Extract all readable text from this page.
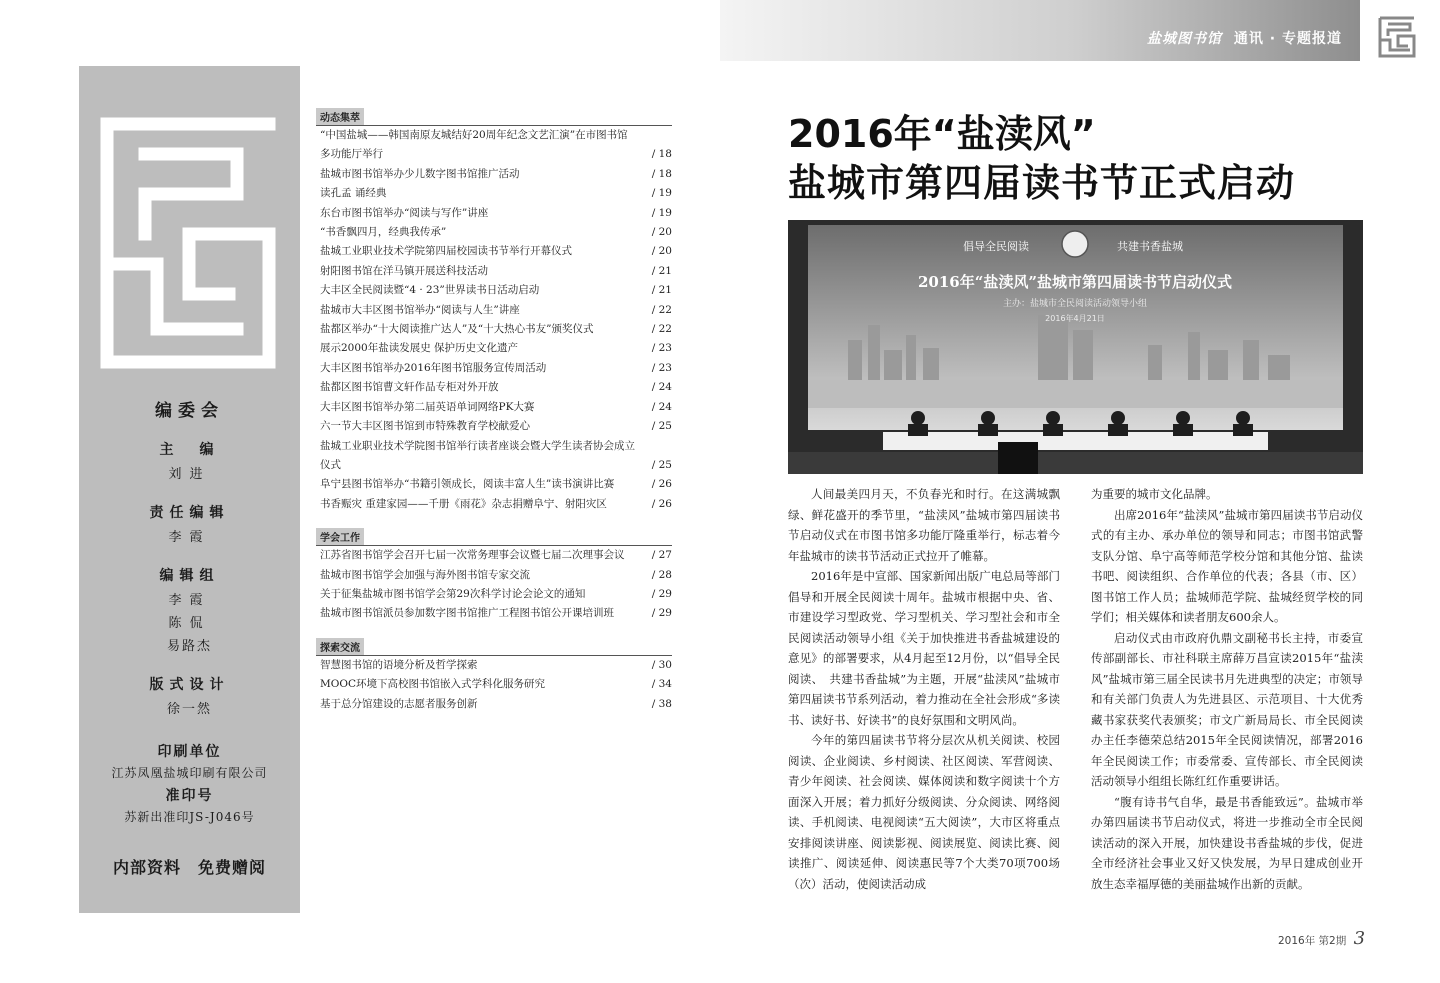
编委会
主　编
刘进
责任编辑
李霞
编辑组
李霞
陈侃
易路杰
版式设计
徐一然
印刷单位
江苏凤凰盐城印刷有限公司
准印号
苏新出准印JS-J046号
内部资料　免费赠阅
动态集萃
“中国盐城——韩国南原友城结好20周年纪念文艺汇演”在市图书馆
多功能厅举行	/ 18
盐城市图书馆举办少儿数字图书馆推广活动	/ 18
读孔孟 诵经典	/ 19
东台市图书馆举办“阅读与写作”讲座	/ 19
“书香飘四月，经典我传承”	/ 20
盐城工业职业技术学院第四届校园读书节举行开幕仪式	/ 20
射阳图书馆在洋马镇开展送科技活动	/ 21
大丰区全民阅读暨“4 · 23”世界读书日活动启动	/ 21
盐城市大丰区图书馆举办“阅读与人生”讲座	/ 22
盐都区举办“十大阅读推广达人”及“十大热心书友”颁奖仪式	/ 22
展示2000年盐读发展史 保护历史文化遗产	/ 23
大丰区图书馆举办2016年图书馆服务宣传周活动	/ 23
盐都区图书馆曹文轩作品专柜对外开放	/ 24
大丰区图书馆举办第二届英语单词网络PK大赛	/ 24
六一节大丰区图书馆到市特殊教育学校献爱心	/ 25
盐城工业职业技术学院图书馆举行读者座谈会暨大学生读者协会成立
仪式	/ 25
阜宁县图书馆举办“书籍引领成长，阅读丰富人生”读书演讲比赛	/ 26
书香赈灾 重建家园——千册《雨花》杂志捐赠阜宁、射阳灾区	/ 26
学会工作
江苏省图书馆学会召开七届一次常务理事会议暨七届二次理事会议	/ 27
盐城市图书馆学会加强与海外图书馆专家交流	/ 28
关于征集盐城市图书馆学会第29次科学讨论会论文的通知	/ 29
盐城市图书馆派员参加数字图书馆推广工程图书馆公开课培训班	/ 29
探索交流
智慧图书馆的语境分析及哲学探索	/ 30
MOOC环境下高校图书馆嵌入式学科化服务研究	/ 34
基于总分馆建设的志愿者服务创新	/ 38
盐城图书馆 通讯 · 专题报道
2016年“盐渎风”
盐城市第四届读书节正式启动
倡导全民阅读	共建书香盐城
2016年“盐渎风”盐城市第四届读书节启动仪式
主办：盐城市全民阅读活动领导小组
2016年4月21日

人间最美四月天，不负春光和时行。在这满城飘绿、鲜花盛开的季节里，“盐渎风”盐城市第四届读书节启动仪式在市图书馆多功能厅隆重举行，标志着今年盐城市的读书节活动正式拉开了帷幕。

2016年是中宣部、国家新闻出版广电总局等部门倡导和开展全民阅读十周年。盐城市根据中央、省、市建设学习型政党、学习型机关、学习型社会和市全民阅读活动领导小组《关于加快推进书香盐城建设的意见》的部署要求，从4月起至12月份，以“倡导全民阅读、　共建书香盐城”为主题，开展“盐渎风”盐城市第四届读书节系列活动，着力推动在全社会形成“多读书、读好书、好读书”的良好氛围和文明风尚。

今年的第四届读书节将分层次从机关阅读、校园阅读、企业阅读、乡村阅读、社区阅读、军营阅读、青少年阅读、社会阅读、媒体阅读和数字阅读十个方面深入开展；着力抓好分级阅读、分众阅读、网络阅读、手机阅读、电视阅读“五大阅读”，大市区将重点安排阅读讲座、阅读影视、阅读展览、阅读比赛、阅读推广、阅读延伸、阅读惠民等7个大类70项700场（次）活动，使阅读活动成

为重要的城市文化品牌。

出席2016年“盐渎风”盐城市第四届读书节启动仪式的有主办、承办单位的领导和同志；市图书馆武警支队分馆、阜宁高等师范学校分馆和其他分馆、盐读书吧、阅读组织、合作单位的代表；各县（市、区）图书馆工作人员；盐城师范学院、盐城经贸学校的同学们；相关媒体和读者朋友600余人。

启动仪式由市政府仇鼎文副秘书长主持，市委宣传部副部长、市社科联主席薛万昌宣读2015年“盐渎风”盐城市第三届全民读书月先进典型的决定；市领导和有关部门负责人为先进县区、示范项目、十大优秀藏书家获奖代表颁奖；市文广新局局长、市全民阅读办主任李德荣总结2015年全民阅读情况，部署2016年全民阅读工作；市委常委、宣传部长、市全民阅读活动领导小组组长陈红红作重要讲话。

“腹有诗书气自华，最是书香能致远”。盐城市举办第四届读书节启动仪式，将进一步推动全市全民阅读活动的深入开展，加快建设书香盐城的步伐，促进全市经济社会事业又好又快发展，为早日建成创业开放生态幸福厚德的美丽盐城作出新的贡献。

2016年 第2期 3
